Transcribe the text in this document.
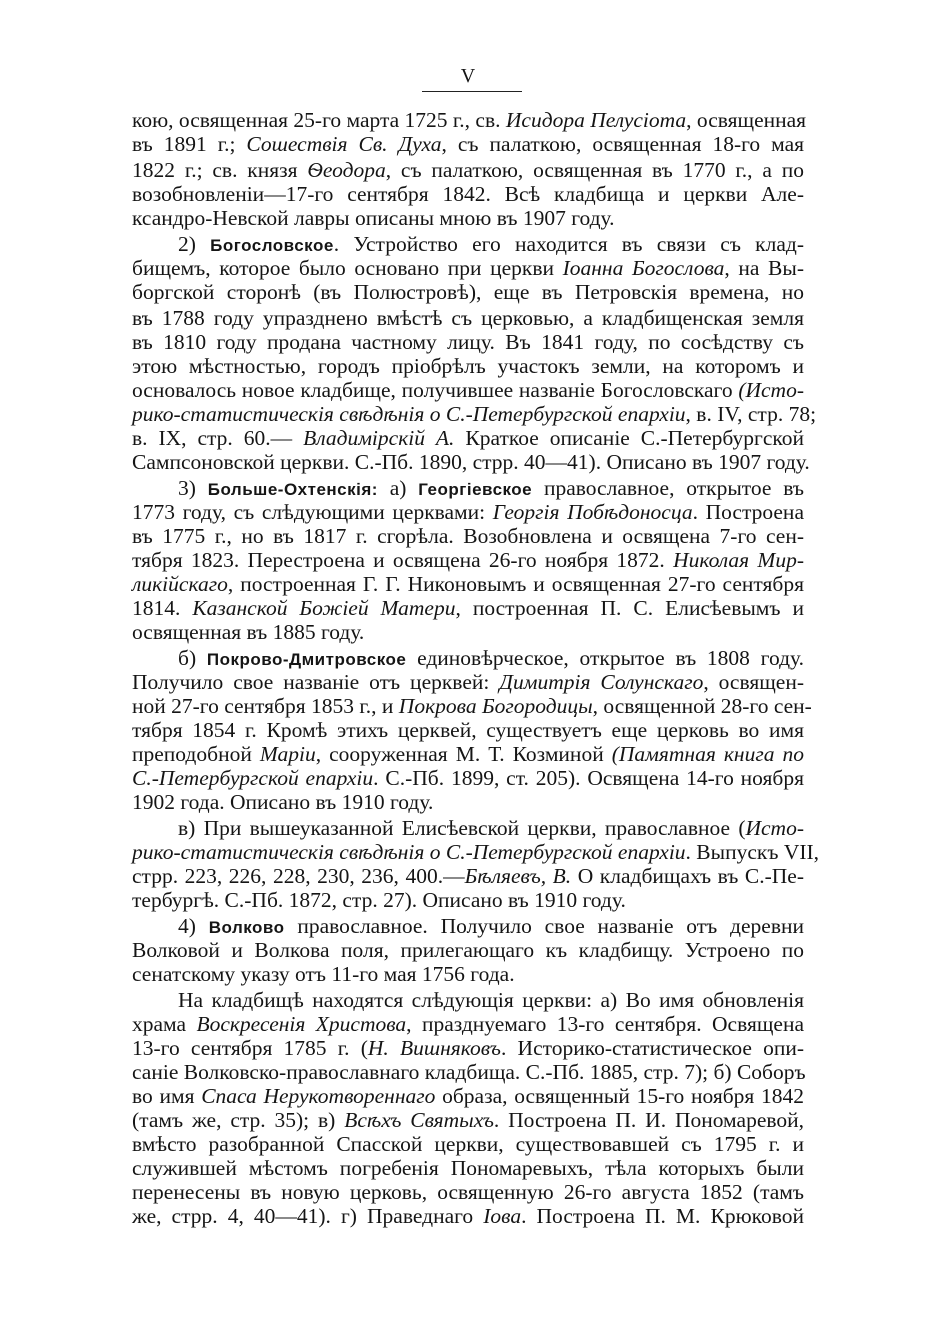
V
кою, освященная 25-го марта 1725 г., св. Исидора Пелусіота, освященная
въ 1891 г.; Сошествія Св. Духа, съ палаткою, освященная 18-го мая
1822 г.; св. князя Ѳеодора, съ палаткою, освященная въ 1770 г., а по
возобновленіи—17-го сентября 1842. Всѣ кладбища и церкви Але-
ксандро-Невской лавры описаны мною въ 1907 году.
2) Богословское. Устройство его находится въ связи съ клад-
бищемъ, которое было основано при церкви Іоанна Богослова, на Вы-
боргской сторонѣ (въ Полюстровѣ), еще въ Петровскія времена, но
въ 1788 году упразднено вмѣстѣ съ церковью, а кладбищенская земля
въ 1810 году продана частному лицу. Въ 1841 году, по сосѣдству съ
этою мѣстностью, городъ пріобрѣлъ участокъ земли, на которомъ и
основалось новое кладбище, получившее названіе Богословскаго (Исто-
рико-статистическія свѣдѣнія о С.-Петербургской епархіи, в. IV, стр. 78;
в. IX, стр. 60.— Владимірскій А. Краткое описаніе С.-Петербургской
Сампсоновской церкви. С.-Пб. 1890, стрр. 40—41). Описано въ 1907 году.
3) Больше-Охтенскія: а) Георгіевское православное, открытое въ
1773 году, съ слѣдующими церквами: Георгія Побѣдоносца. Построена
въ 1775 г., но въ 1817 г. сгорѣла. Возобновлена и освящена 7-го сен-
тября 1823. Перестроена и освящена 26-го ноября 1872. Николая Мир-
ликійскаго, построенная Г. Г. Никоновымъ и освященная 27-го сентября
1814. Казанской Божіей Матери, построенная П. С. Елисѣевымъ и
освященная въ 1885 году.
б) Покрово-Дмитровское единовѣрческое, открытое въ 1808 году.
Получило свое названіе отъ церквей: Димитрія Солунскаго, освящен-
ной 27-го сентября 1853 г., и Покрова Богородицы, освященной 28-го сен-
тября 1854 г. Кромѣ этихъ церквей, существуетъ еще церковь во имя
преподобной Маріи, сооруженная М. Т. Козминой (Памятная книга по
С.-Петербургской епархіи. С.-Пб. 1899, ст. 205). Освящена 14-го ноября
1902 года. Описано въ 1910 году.
в) При вышеуказанной Елисѣевской церкви, православное (Исто-
рико-статистическія свѣдѣнія о С.-Петербургской епархіи. Выпускъ VII,
стрр. 223, 226, 228, 230, 236, 400.—Бѣляевъ, В. О кладбищахъ въ С.-Пе-
тербургѣ. С.-Пб. 1872, стр. 27). Описано въ 1910 году.
4) Волково православное. Получило свое названіе отъ деревни
Волковой и Волкова поля, прилегающаго къ кладбищу. Устроено по
сенатскому указу отъ 11-го мая 1756 года.
На кладбищѣ находятся слѣдующія церкви: а) Во имя обновленія
храма Воскресенія Христова, празднуемаго 13-го сентября. Освящена
13-го сентября 1785 г. (Н. Вишняковъ. Историко-статистическое опи-
саніе Волковско-православнаго кладбища. С.-Пб. 1885, стр. 7); б) Соборъ
во имя Спаса Нерукотвореннаго образа, освященный 15-го ноября 1842
(тамъ же, стр. 35); в) Всѣхъ Святыхъ. Построена П. И. Пономаревой,
вмѣсто разобранной Спасской церкви, существовавшей съ 1795 г. и
служившей мѣстомъ погребенія Пономаревыхъ, тѣла которыхъ были
перенесены въ новую церковь, освященную 26-го августа 1852 (тамъ
же, стрр. 4, 40—41). г) Праведнаго Іова. Построена П. М. Крюковой
